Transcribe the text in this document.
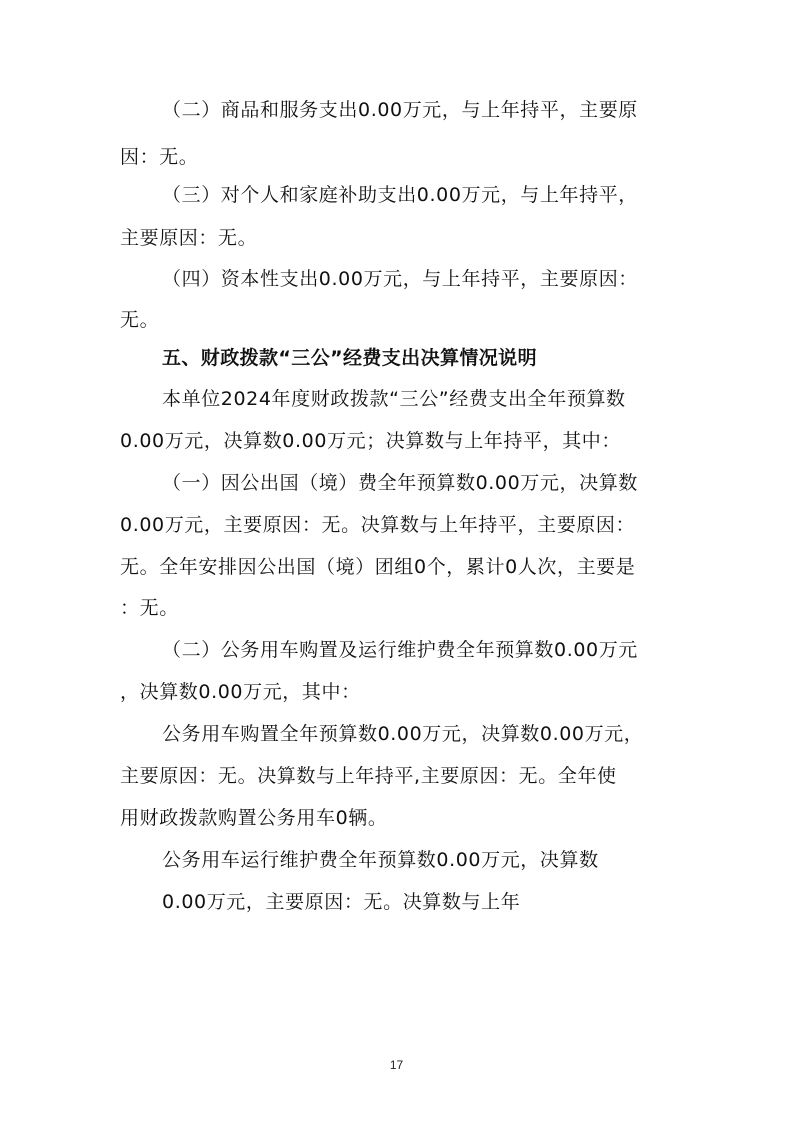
（二）商品和服务支出0.00万元，与上年持平，主要原
因：无。
（三）对个人和家庭补助支出0.00万元，与上年持平，
主要原因：无。
（四）资本性支出0.00万元，与上年持平，主要原因：
无。
五、财政拨款“三公”经费支出决算情况说明
本单位2024年度财政拨款“三公”经费支出全年预算数
0.00万元，决算数0.00万元；决算数与上年持平，其中：
（一）因公出国（境）费全年预算数0.00万元，决算数
0.00万元，主要原因：无。决算数与上年持平，主要原因：
无。全年安排因公出国（境）团组0个，累计0人次，主要是
：无。
（二）公务用车购置及运行维护费全年预算数0.00万元
，决算数0.00万元，其中：
公务用车购置全年预算数0.00万元，决算数0.00万元，
主要原因：无。决算数与上年持平,主要原因：无。全年使
用财政拨款购置公务用车0辆。
公务用车运行维护费全年预算数0.00万元，决算数
0.00万元，主要原因：无。决算数与上年
17
